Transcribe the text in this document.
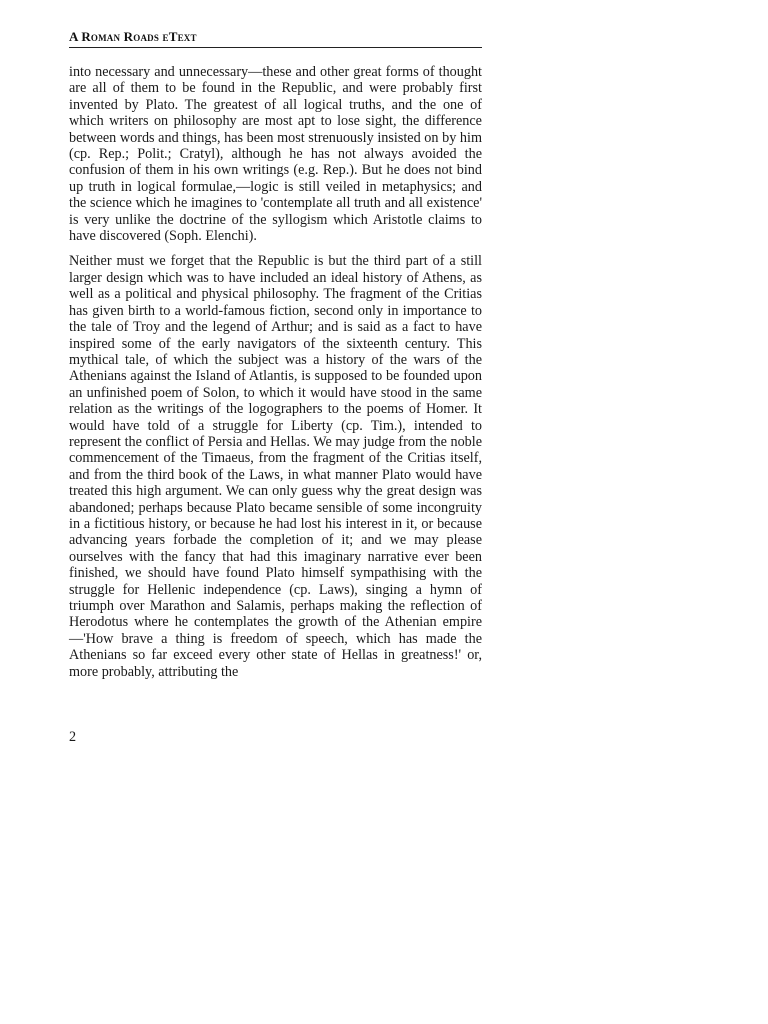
A Roman Roads eText

into necessary and unnecessary—these and other great forms of thought are all of them to be found in the Republic, and were probably first invented by Plato. The greatest of all logical truths, and the one of which writers on philosophy are most apt to lose sight, the difference between words and things, has been most strenuously insisted on by him (cp. Rep.; Polit.; Cratyl), although he has not always avoided the confusion of them in his own writings (e.g. Rep.). But he does not bind up truth in logical formulae,—logic is still veiled in metaphysics; and the science which he imagines to 'contemplate all truth and all existence' is very unlike the doctrine of the syllogism which Aristotle claims to have discovered (Soph. Elenchi).

Neither must we forget that the Republic is but the third part of a still larger design which was to have included an ideal history of Athens, as well as a political and physical philosophy. The fragment of the Critias has given birth to a world-famous fiction, second only in importance to the tale of Troy and the legend of Arthur; and is said as a fact to have inspired some of the early navigators of the sixteenth century. This mythical tale, of which the subject was a history of the wars of the Athenians against the Island of Atlantis, is supposed to be founded upon an unfinished poem of Solon, to which it would have stood in the same relation as the writings of the logographers to the poems of Homer. It would have told of a struggle for Liberty (cp. Tim.), intended to represent the conflict of Persia and Hellas. We may judge from the noble commencement of the Timaeus, from the fragment of the Critias itself, and from the third book of the Laws, in what manner Plato would have treated this high argument. We can only guess why the great design was abandoned; perhaps because Plato became sensible of some incongruity in a fictitious history, or because he had lost his interest in it, or because advancing years forbade the completion of it; and we may please ourselves with the fancy that had this imaginary narrative ever been finished, we should have found Plato himself sympathising with the struggle for Hellenic independence (cp. Laws), singing a hymn of triumph over Marathon and Salamis, perhaps making the reflection of Herodotus where he contemplates the growth of the Athenian empire—'How brave a thing is freedom of speech, which has made the Athenians so far exceed every other state of Hellas in greatness!' or, more probably, attributing the

2
